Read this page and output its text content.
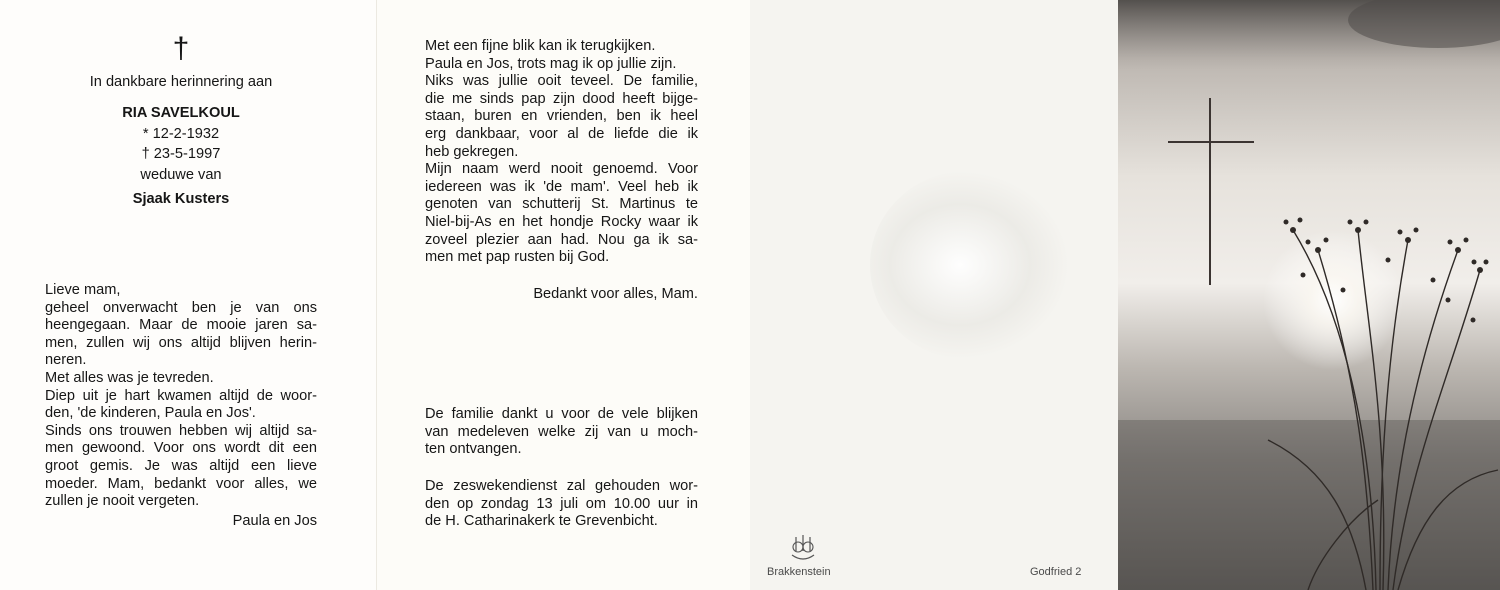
†
In dankbare herinnering aan
RIA SAVELKOUL
* 12-2-1932
† 23-5-1997
weduwe van
Sjaak Kusters
Lieve mam,
geheel onverwacht ben je van ons
heengegaan. Maar de mooie jaren sa-
men, zullen wij ons altijd blijven herin-
neren.
Met alles was je tevreden.
Diep uit je hart kwamen altijd de woor-
den, 'de kinderen, Paula en Jos'.
Sinds ons trouwen hebben wij altijd sa-
men gewoond. Voor ons wordt dit een
groot gemis. Je was altijd een lieve
moeder. Mam, bedankt voor alles, we
zullen je nooit vergeten.
Paula en Jos
Met een fijne blik kan ik terugkijken.
Paula en Jos, trots mag ik op jullie zijn.
Niks was jullie ooit teveel. De familie,
die me sinds pap zijn dood heeft bijge-
staan, buren en vrienden, ben ik heel
erg dankbaar, voor al de liefde die ik
heb gekregen.
Mijn naam werd nooit genoemd. Voor
iedereen was ik 'de mam'. Veel heb ik
genoten van schutterij St. Martinus te
Niel-bij-As en het hondje Rocky waar ik
zoveel plezier aan had. Nou ga ik sa-
men met pap rusten bij God.
Bedankt voor alles, Mam.
De familie dankt u voor de vele blijken
van medeleven welke zij van u moch-
ten ontvangen.
De zeswekendienst zal gehouden wor-
den op zondag 13 juli om 10.00 uur in
de H. Catharinakerk te Grevenbicht.
Brakkenstein	Godfried 2
